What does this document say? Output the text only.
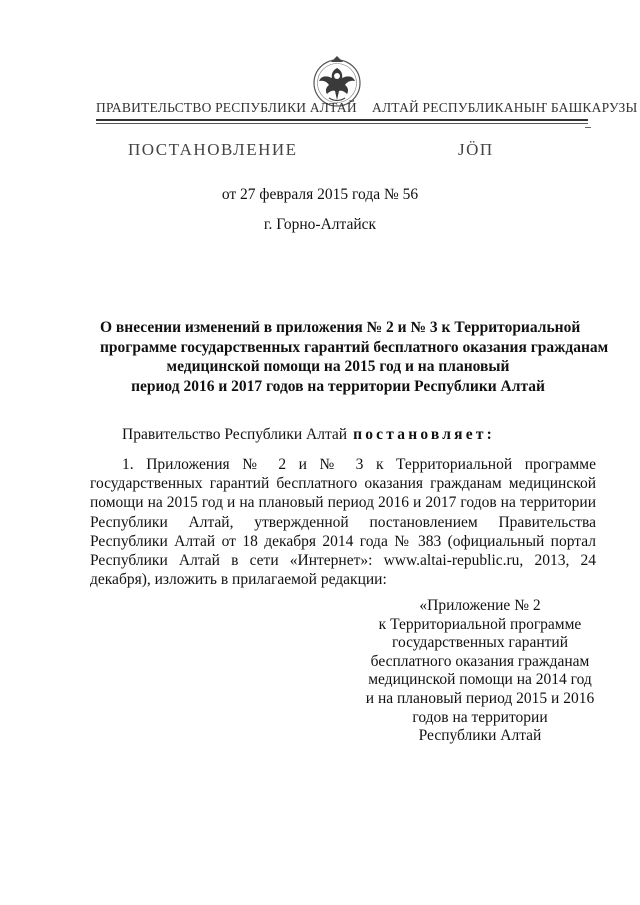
ПРАВИТЕЛЬСТВО РЕСПУБЛИКИ АЛТАЙ АЛТАЙ РЕСПУБЛИКАНЫҤ БАШКАРУЗЫ
ПОСТАНОВЛЕНИЕ	ЈӦП
от 27 февраля 2015 года № 56
г. Горно-Алтайск
О внесении изменений в приложения № 2 и № 3 к Территориальной
программе государственных гарантий бесплатного оказания гражданам
медицинской помощи на 2015 год и на плановый
период 2016 и 2017 годов на территории Республики Алтай
Правительство Республики Алтай постановляет:
1. Приложения № 2 и № 3 к Территориальной программе государственных гарантий бесплатного оказания гражданам медицинской помощи на 2015 год и на плановый период 2016 и 2017 годов на территории Республики Алтай, утвержденной постановлением Правительства Республики Алтай от 18 декабря 2014 года № 383 (официальный портал Республики Алтай в сети «Интернет»: www.altai-republic.ru, 2013, 24 декабря), изложить в прилагаемой редакции:
«Приложение № 2
к Территориальной программе
государственных гарантий
бесплатного оказания гражданам
медицинской помощи на 2014 год
и на плановый период 2015 и 2016
годов на территории
Республики Алтай
